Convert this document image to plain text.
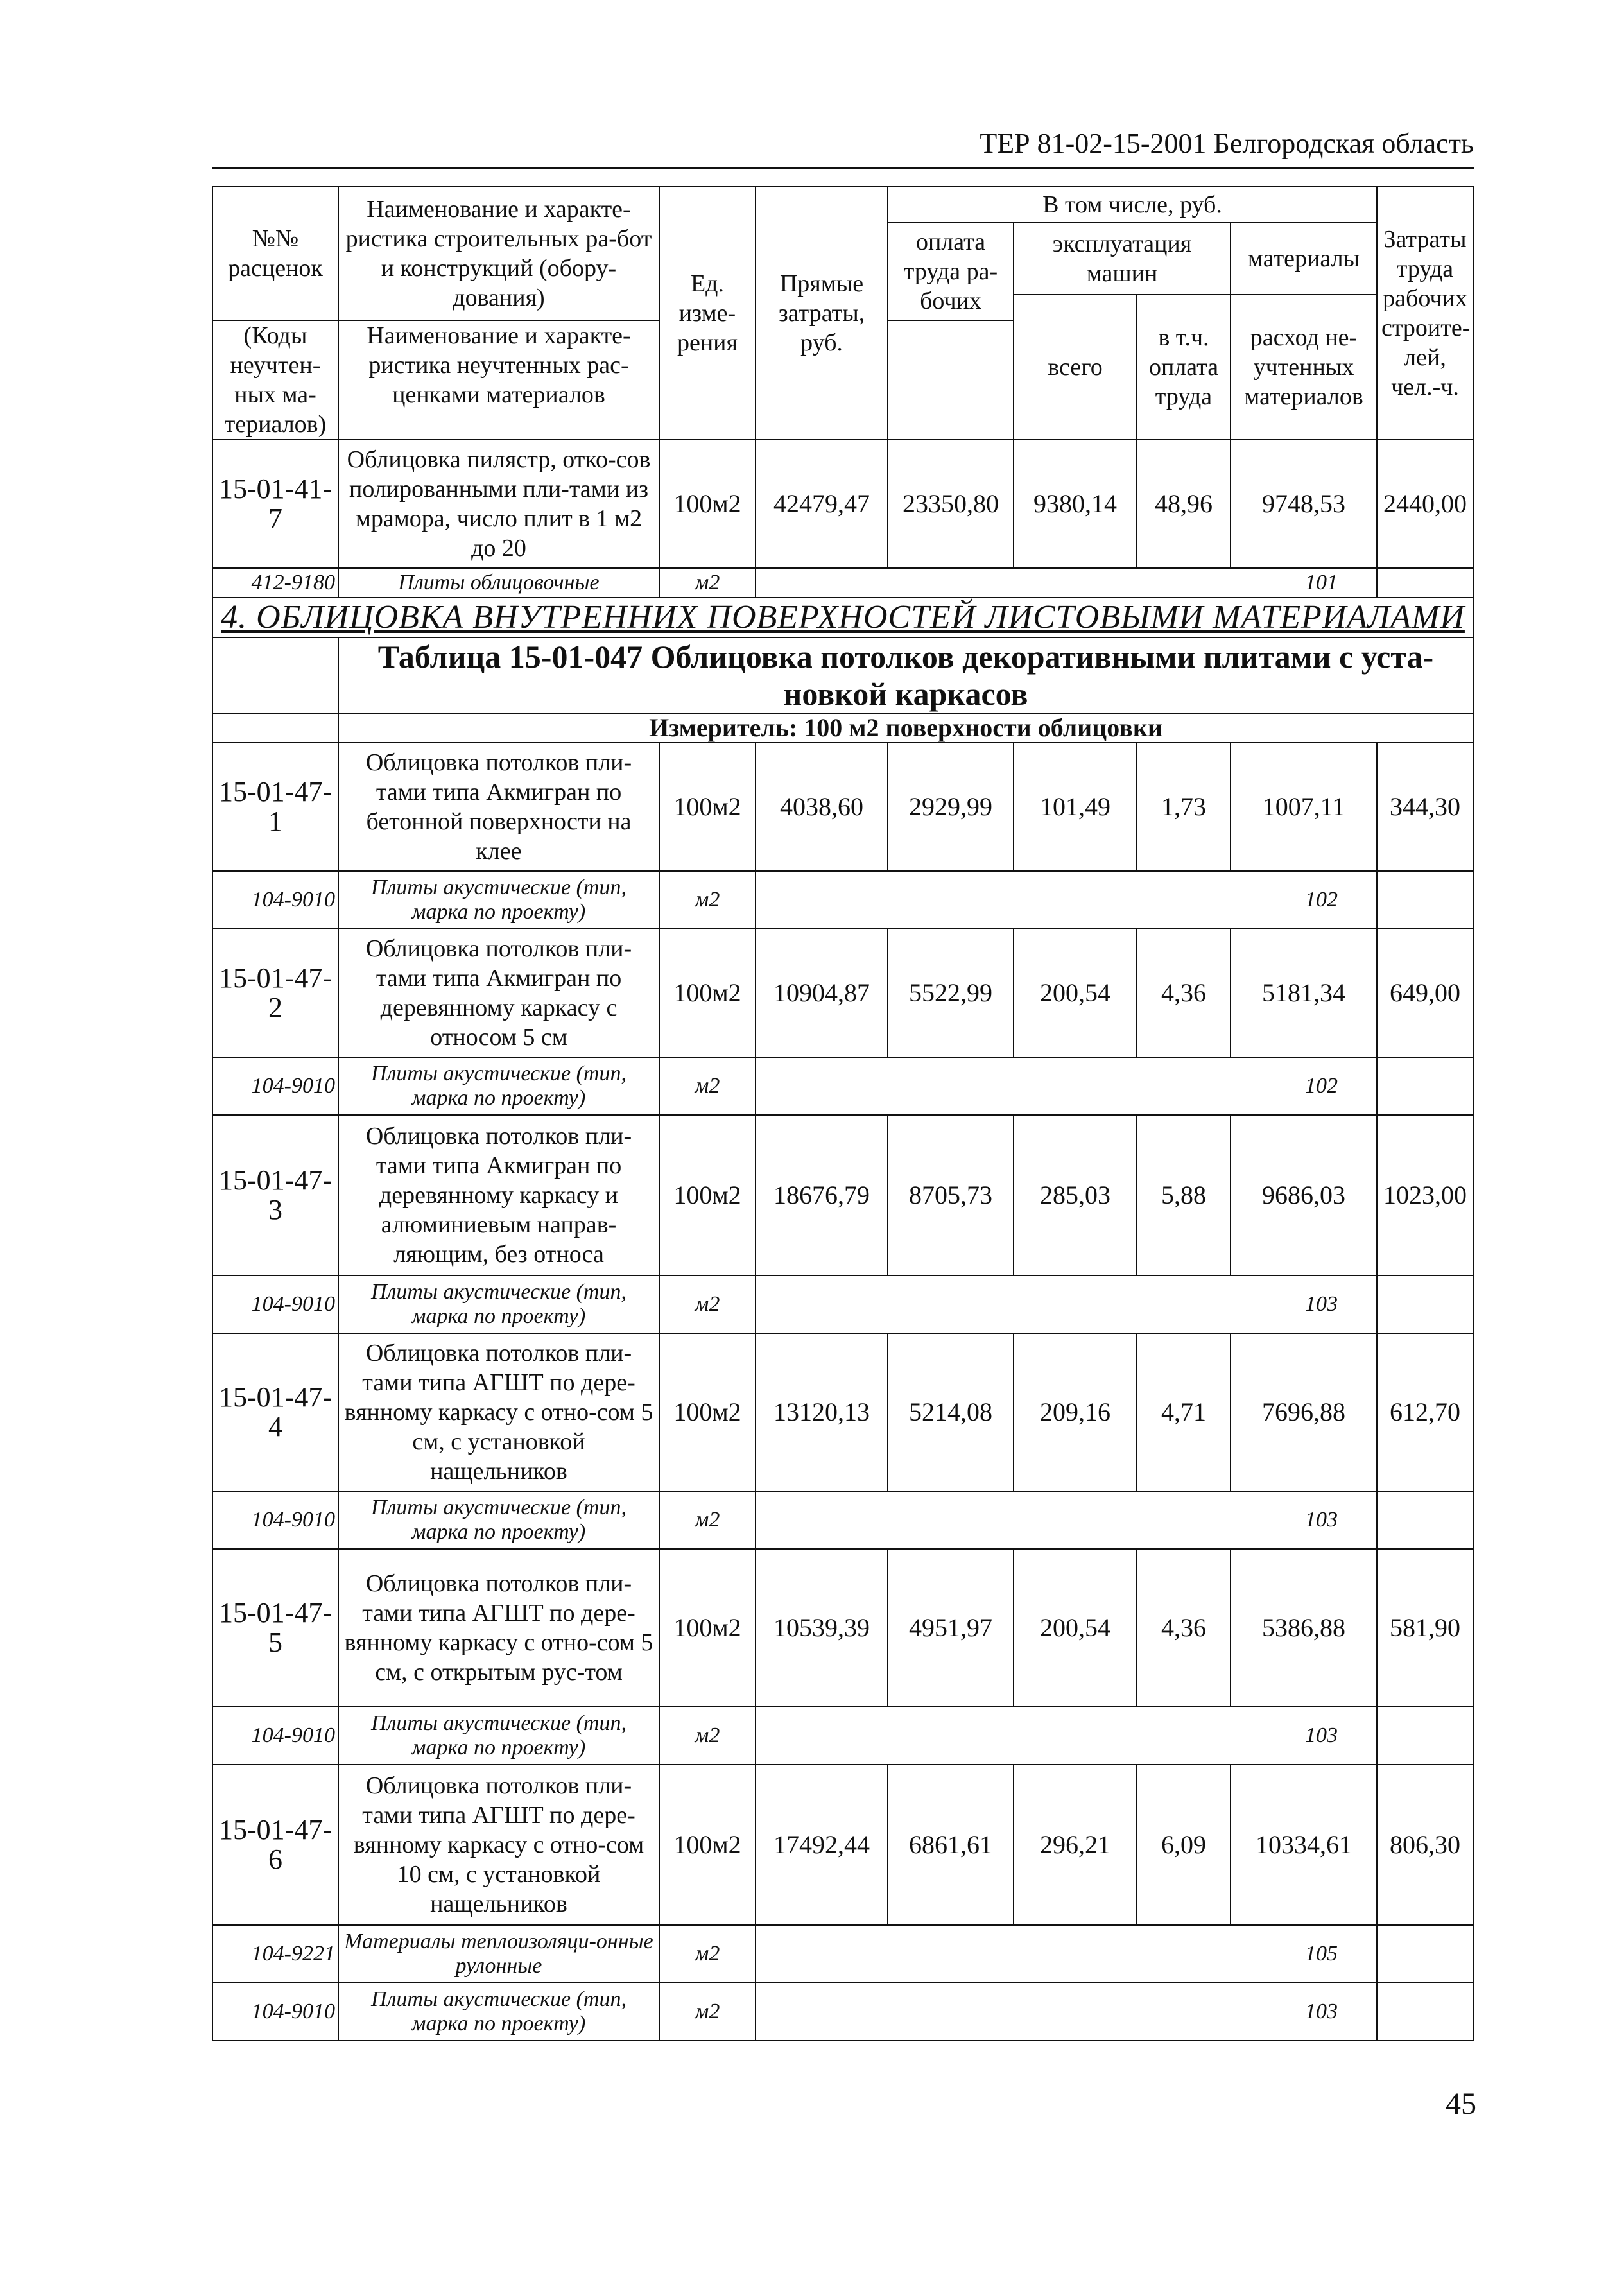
ТЕР 81-02-15-2001 Белгородская область
№№ расценок	Наименование и характе-ристика строительных ра-бот и конструкций (обору-дования)	Ед. изме-рения	Прямые затраты, руб.	В том числе, руб.				Затраты труда рабочих строите-лей, чел.-ч.
				оплата труда ра-бочих	эксплуатация машин		материалы	

					всего	в т.ч. оплата труда	расход не-учтенных материалов	
(Коды неучтен-ных ма-териалов)	Наименование и характе-ристика неучтенных рас-ценками материалов							

15-01-41-7	Облицовка пилястр, отко-сов полированными пли-тами из мрамора, число плит в 1 м2 до 20	100м2	42479,47	23350,80	9380,14	48,96	9748,53	2440,00
412-9180	Плиты облицовочные	м2	101					
4. ОБЛИЦОВКА ВНУТРЕННИХ ПОВЕРХНОСТЕЙ ЛИСТОВЫМИ МАТЕРИАЛАМИ								
	Таблица 15-01-047 Облицовка потолков декоративными плитами с уста-новкой каркасов							
	Измеритель: 100 м2 поверхности облицовки							
15-01-47-1	Облицовка потолков пли-тами типа Акмигран по бетонной поверхности на клее	100м2	4038,60	2929,99	101,49	1,73	1007,11	344,30
104-9010	Плиты акустические (тип, марка по проекту)	м2	102					
15-01-47-2	Облицовка потолков пли-тами типа Акмигран по деревянному каркасу с относом 5 см	100м2	10904,87	5522,99	200,54	4,36	5181,34	649,00
104-9010	Плиты акустические (тип, марка по проекту)	м2	102					
15-01-47-3	Облицовка потолков пли-тами типа Акмигран по деревянному каркасу и алюминиевым направ-ляющим, без относа	100м2	18676,79	8705,73	285,03	5,88	9686,03	1023,00
104-9010	Плиты акустические (тип, марка по проекту)	м2	103					
15-01-47-4	Облицовка потолков пли-тами типа АГШТ по дере-вянному каркасу с отно-сом 5 см, с установкой нащельников	100м2	13120,13	5214,08	209,16	4,71	7696,88	612,70
104-9010	Плиты акустические (тип, марка по проекту)	м2	103					
15-01-47-5	Облицовка потолков пли-тами типа АГШТ по дере-вянному каркасу с отно-сом 5 см, с открытым рус-том	100м2	10539,39	4951,97	200,54	4,36	5386,88	581,90
104-9010	Плиты акустические (тип, марка по проекту)	м2	103					
15-01-47-6	Облицовка потолков пли-тами типа АГШТ по дере-вянному каркасу с отно-сом 10 см, с установкой нащельников	100м2	17492,44	6861,61	296,21	6,09	10334,61	806,30
104-9221	Материалы теплоизоляци-онные рулонные	м2	105					
104-9010	Плиты акустические (тип, марка по проекту)	м2	103					
45
